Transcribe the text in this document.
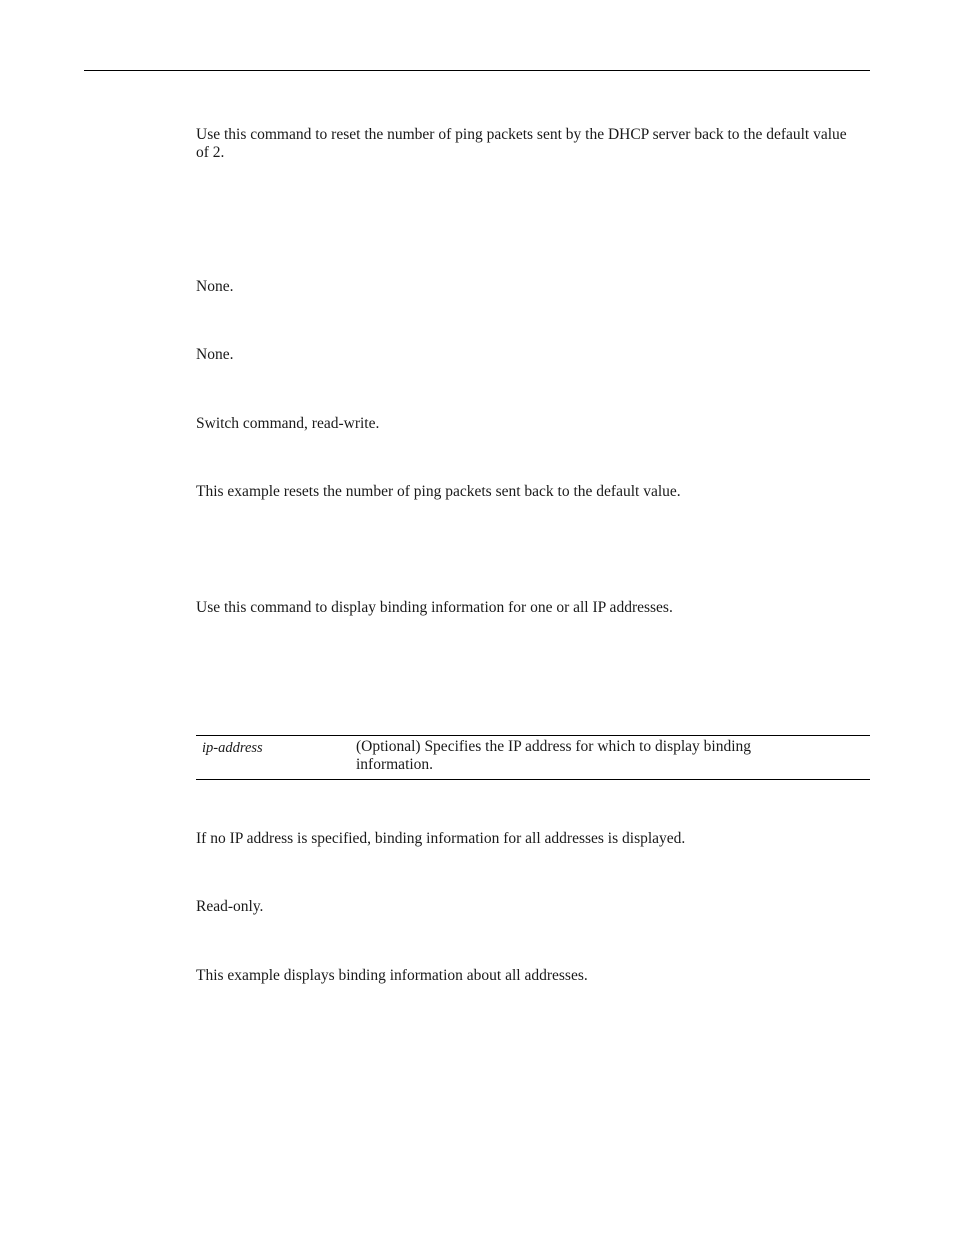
Use this command to reset the number of ping packets sent by the DHCP server back to the default value of 2.

None.

None.

Switch command, read-write.

This example resets the number of ping packets sent back to the default value.

Use this command to display binding information for one or all IP addresses.

ip-address	(Optional) Specifies the IP address for which to display binding information.

If no IP address is specified, binding information for all addresses is displayed.

Read-only.

This example displays binding information about all addresses.
